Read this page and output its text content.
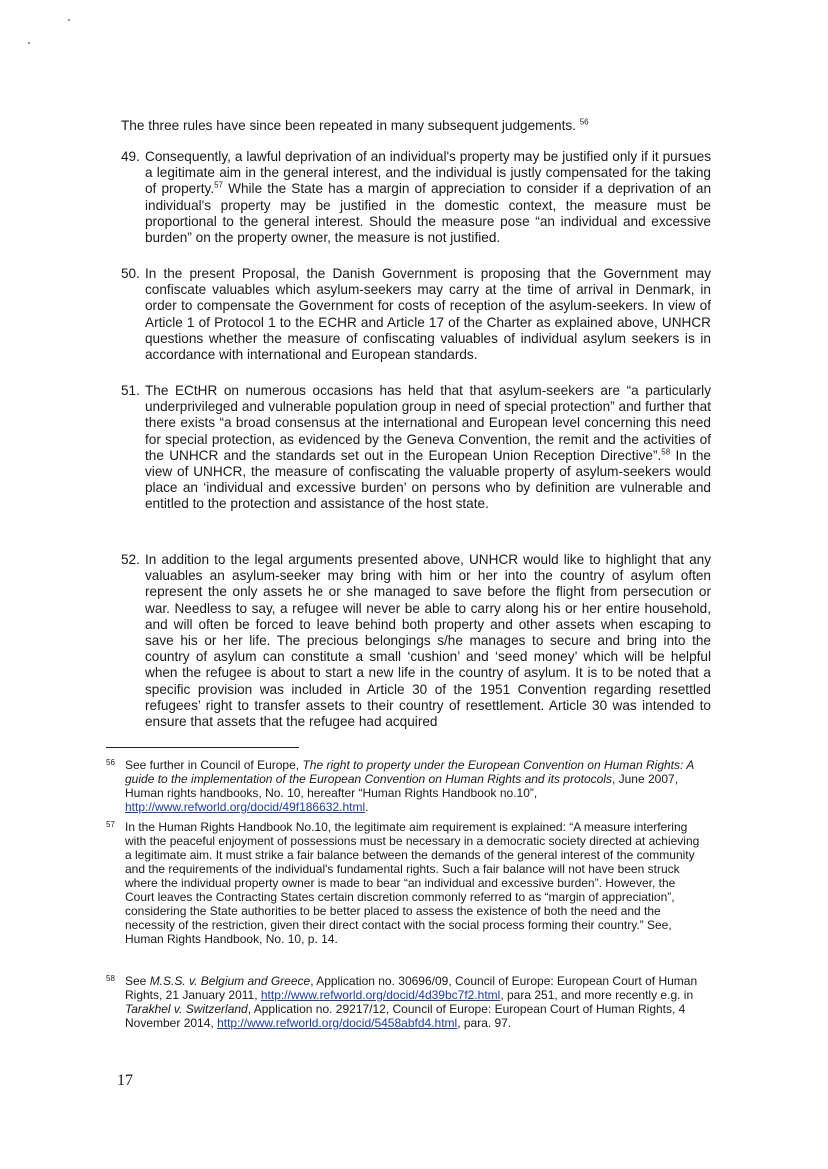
The three rules have since been repeated in many subsequent judgements. $^{56}$
49. Consequently, a lawful deprivation of an individual's property may be justified only if it pursues a legitimate aim in the general interest, and the individual is justly compensated for the taking of property.$^{57}$ While the State has a margin of appreciation to consider if a deprivation of an individual's property may be justified in the domestic context, the measure must be proportional to the general interest. Should the measure pose “an individual and excessive burden” on the property owner, the measure is not justified.
50. In the present Proposal, the Danish Government is proposing that the Government may confiscate valuables which asylum-seekers may carry at the time of arrival in Denmark, in order to compensate the Government for costs of reception of the asylum-seekers. In view of Article 1 of Protocol 1 to the ECHR and Article 17 of the Charter as explained above, UNHCR questions whether the measure of confiscating valuables of individual asylum seekers is in accordance with international and European standards.
51. The ECtHR on numerous occasions has held that that asylum-seekers are “a particularly underprivileged and vulnerable population group in need of special protection” and further that there exists “a broad consensus at the international and European level concerning this need for special protection, as evidenced by the Geneva Convention, the remit and the activities of the UNHCR and the standards set out in the European Union Reception Directive”.$^{58}$ In the view of UNHCR, the measure of confiscating the valuable property of asylum-seekers would place an ‘individual and excessive burden’ on persons who by definition are vulnerable and entitled to the protection and assistance of the host state.
52. In addition to the legal arguments presented above, UNHCR would like to highlight that any valuables an asylum-seeker may bring with him or her into the country of asylum often represent the only assets he or she managed to save before the flight from persecution or war. Needless to say, a refugee will never be able to carry along his or her entire household, and will often be forced to leave behind both property and other assets when escaping to save his or her life. The precious belongings s/he manages to secure and bring into the country of asylum can constitute a small ‘cushion’ and ‘seed money’ which will be helpful when the refugee is about to start a new life in the country of asylum. It is to be noted that a specific provision was included in Article 30 of the 1951 Convention regarding resettled refugees’ right to transfer assets to their country of resettlement. Article 30 was intended to ensure that assets that the refugee had acquired
56 See further in Council of Europe, The right to property under the European Convention on Human Rights: A guide to the implementation of the European Convention on Human Rights and its protocols, June 2007, Human rights handbooks, No. 10, hereafter “Human Rights Handbook no.10”, http://www.refworld.org/docid/49f186632.html.
57 In the Human Rights Handbook No.10, the legitimate aim requirement is explained: “A measure interfering with the peaceful enjoyment of possessions must be necessary in a democratic society directed at achieving a legitimate aim. It must strike a fair balance between the demands of the general interest of the community and the requirements of the individual's fundamental rights. Such a fair balance will not have been struck where the individual property owner is made to bear “an individual and excessive burden”. However, the Court leaves the Contracting States certain discretion commonly referred to as “margin of appreciation”, considering the State authorities to be better placed to assess the existence of both the need and the necessity of the restriction, given their direct contact with the social process forming their country.” See, Human Rights Handbook, No. 10, p. 14.
58 See M.S.S. v. Belgium and Greece, Application no. 30696/09, Council of Europe: European Court of Human Rights, 21 January 2011, http://www.refworld.org/docid/4d39bc7f2.html, para 251, and more recently e.g. in Tarakhel v. Switzerland, Application no. 29217/12, Council of Europe: European Court of Human Rights, 4 November 2014, http://www.refworld.org/docid/5458abfd4.html, para. 97.
17
